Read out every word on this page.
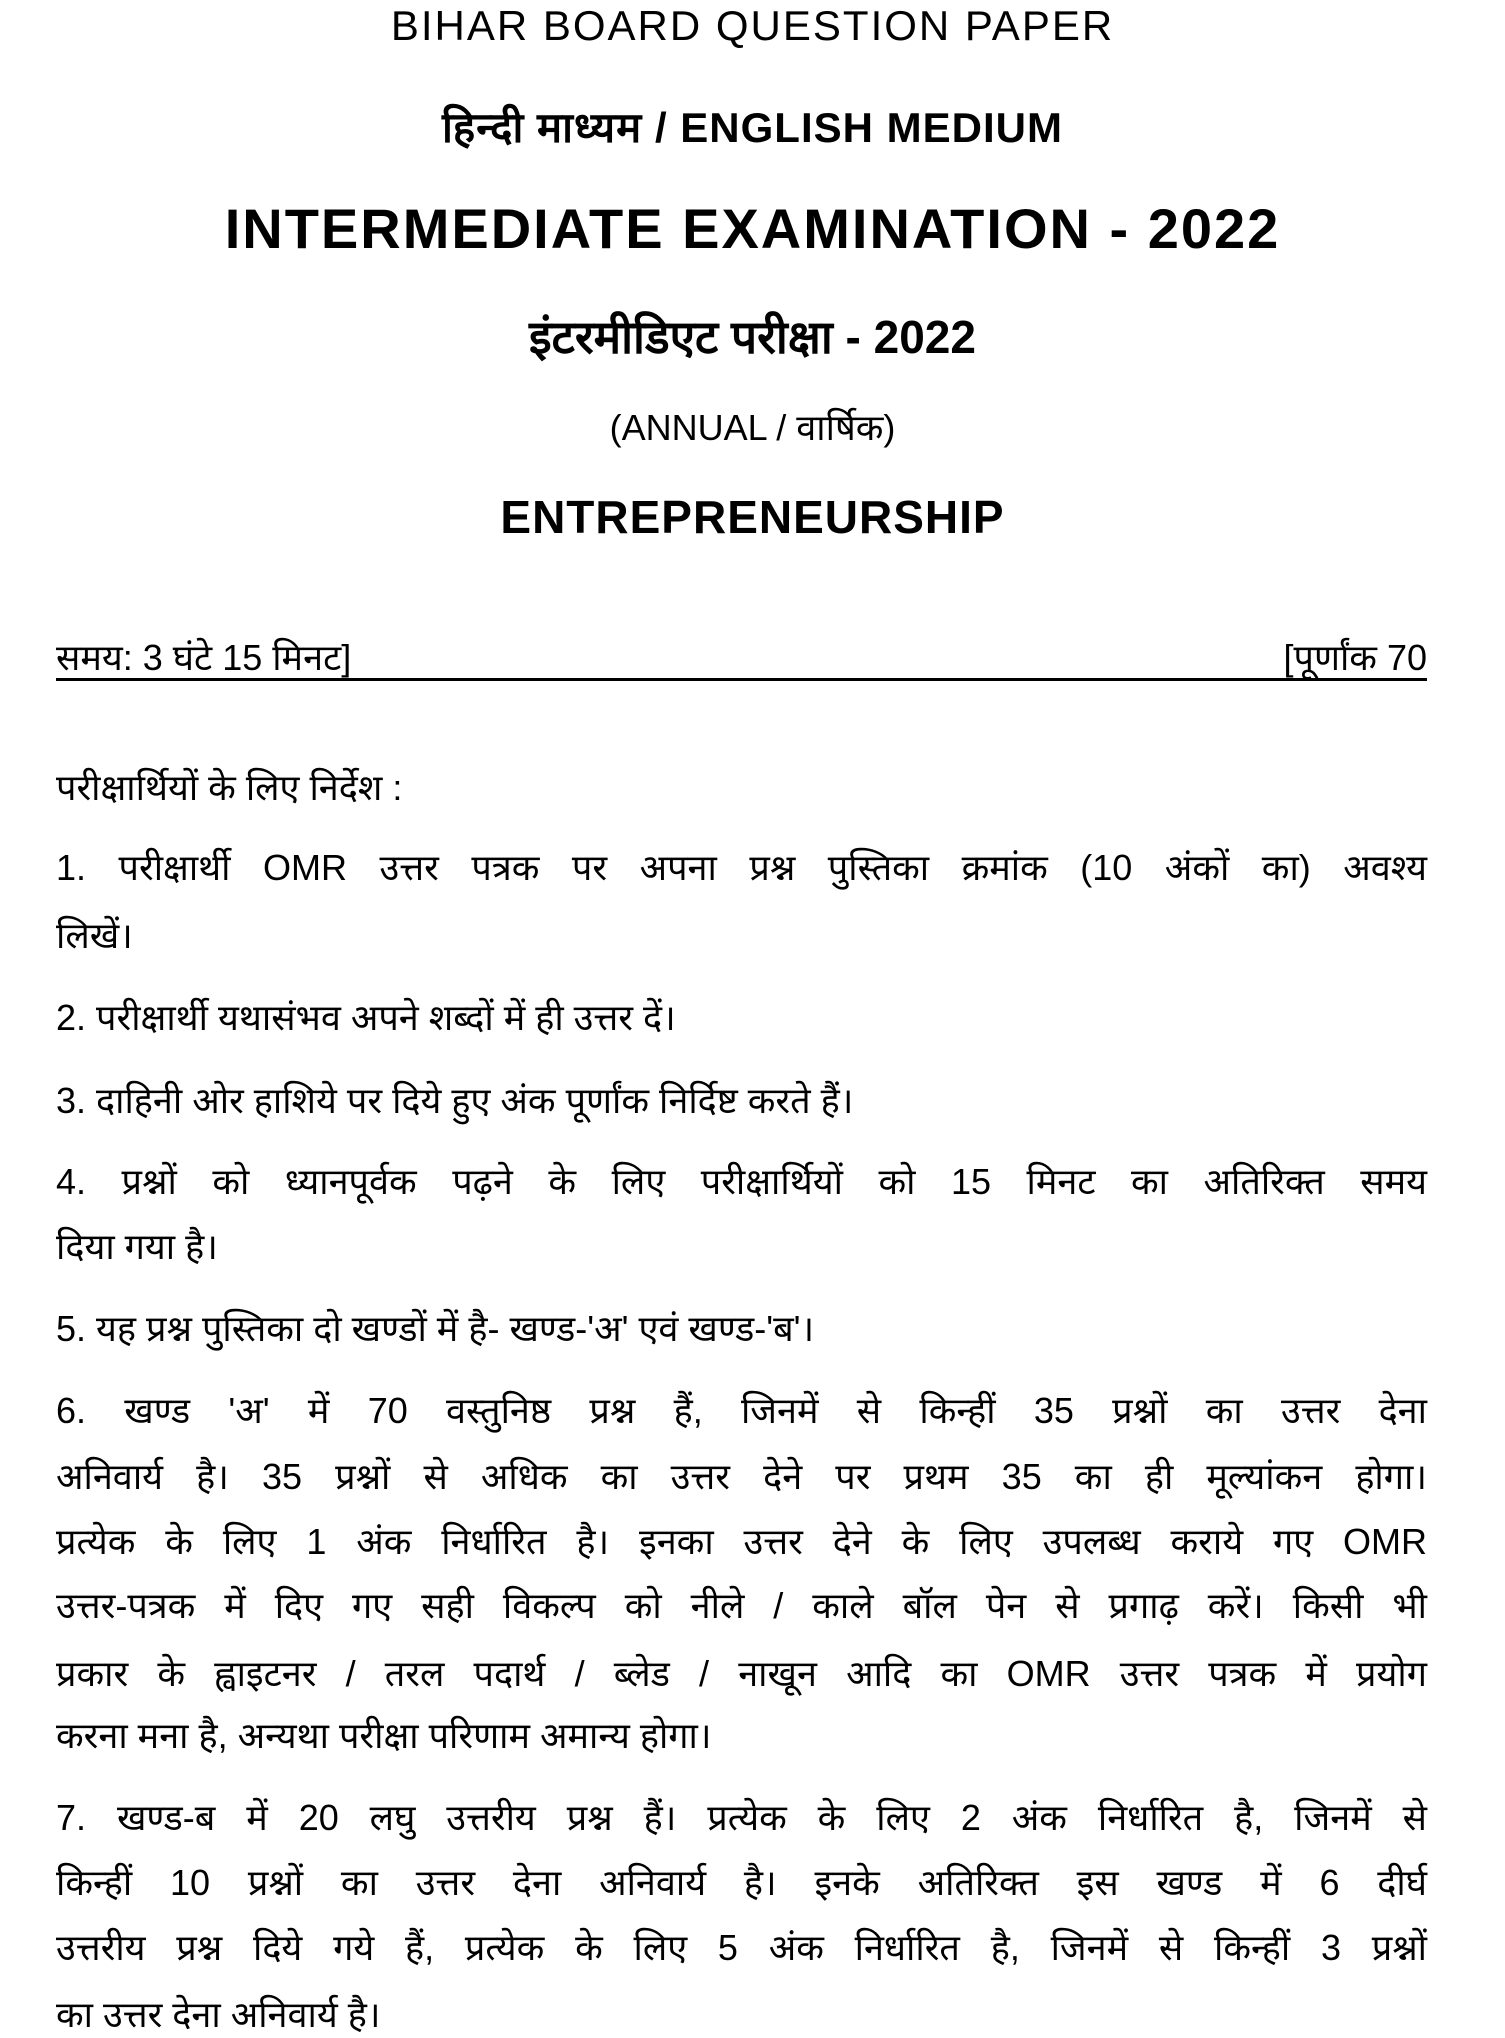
BIHAR BOARD QUESTION PAPER
हिन्दी माध्यम / ENGLISH MEDIUM
INTERMEDIATE EXAMINATION - 2022
इंटरमीडिएट परीक्षा - 2022
(ANNUAL / वार्षिक)
ENTREPRENEURSHIP
समय: 3 घंटे 15 मिनट]	[पूर्णांक 70
परीक्षार्थियों के लिए निर्देश :
1. परीक्षार्थी OMR उत्तर पत्रक पर अपना प्रश्न पुस्तिका क्रमांक (10 अंकों का) अवश्य
लिखें।
2. परीक्षार्थी यथासंभव अपने शब्दों में ही उत्तर दें।
3. दाहिनी ओर हाशिये पर दिये हुए अंक पूर्णांक निर्दिष्ट करते हैं।
4. प्रश्नों को ध्यानपूर्वक पढ़ने के लिए परीक्षार्थियों को 15 मिनट का अतिरिक्त समय
दिया गया है।
5. यह प्रश्न पुस्तिका दो खण्डों में है- खण्ड-'अ' एवं खण्ड-'ब'।
6. खण्ड 'अ' में 70 वस्तुनिष्ठ प्रश्न हैं, जिनमें से किन्हीं 35 प्रश्नों का उत्तर देना
अनिवार्य है। 35 प्रश्नों से अधिक का उत्तर देने पर प्रथम 35 का ही मूल्यांकन होगा।
प्रत्येक के लिए 1 अंक निर्धारित है। इनका उत्तर देने के लिए उपलब्ध कराये गए OMR
उत्तर-पत्रक में दिए गए सही विकल्प को नीले / काले बॉल पेन से प्रगाढ़ करें। किसी भी
प्रकार के ह्वाइटनर / तरल पदार्थ / ब्लेड / नाखून आदि का OMR उत्तर पत्रक में प्रयोग
करना मना है, अन्यथा परीक्षा परिणाम अमान्य होगा।
7. खण्ड-ब में 20 लघु उत्तरीय प्रश्न हैं। प्रत्येक के लिए 2 अंक निर्धारित है, जिनमें से
किन्हीं 10 प्रश्नों का उत्तर देना अनिवार्य है। इनके अतिरिक्त इस खण्ड में 6 दीर्घ
उत्तरीय प्रश्न दिये गये हैं, प्रत्येक के लिए 5 अंक निर्धारित है, जिनमें से किन्हीं 3 प्रश्नों
का उत्तर देना अनिवार्य है।
